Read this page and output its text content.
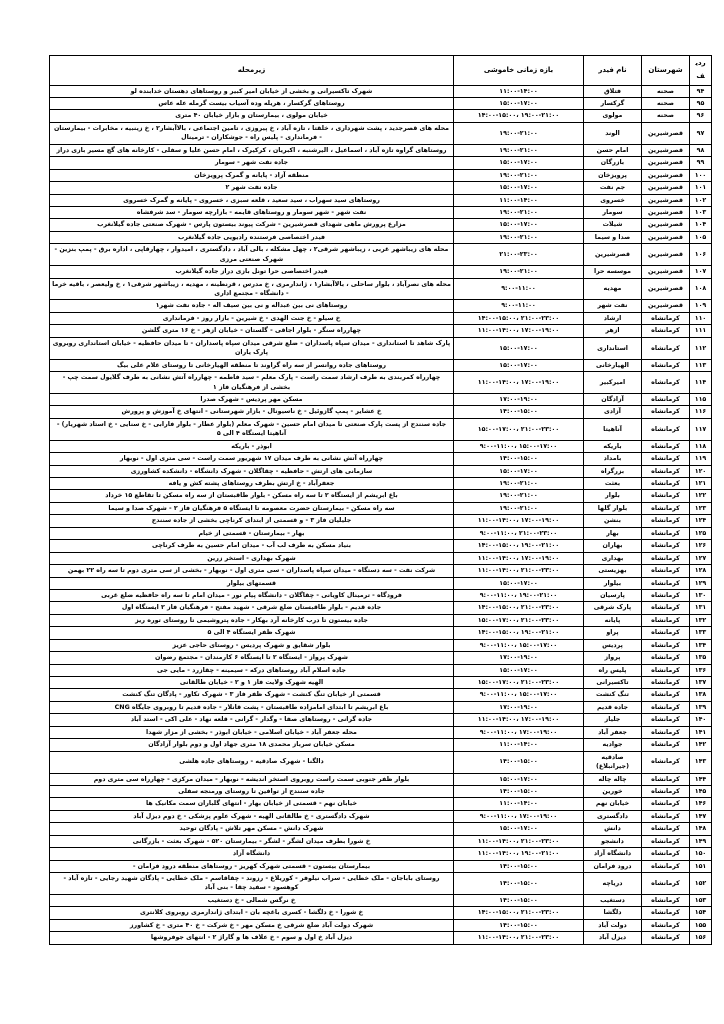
ردیف	شهرستان	نام فیدر	بازه زمانی خاموشی	زیرمحله
۹۴	صحنه	فتلاق	۱۱:۰۰-۱۴:۰۰	شهرک تاکسیرانی و بخشی از خیابان امیر کبیر و روستاهای دهستان خدابنده لو
۹۵	صحنه	گرکسار	۱۵:۰۰-۱۷:۰۰	روستاهای گرکسار ، هریله وده آسیاب بیست گرمله عله عاس
۹۶	صحنه	مولوی	۱۴:۰۰-۱۵:۰۰، ۱۹:۰۰-۲۱:۰۰	خیابان مولوی ، بیمارستان و بازار خیابان ۴۰ متری
۹۷	قصرشیرین	الوند	۱۹:۰۰-۲۱:۰۰	محله های قصرجدید ، پشت شهرداری ، خلقتا ، تازه آباد ، خ پیروزی ، تامین اجتماعی ، بالاآبشار۲ ، خ زینبیه ، مخابرات - بیمارستان - فرمانداری - پلیس راه - جوشکاران - ترمینال
۹۸	قصرشیرین	امام حسن	۱۹:۰۰-۲۱:۰۰	روستاهای گراوه تازه آباد ، اسماعیل ، الیرشنبه ، اکبریان ، کرکیرک ، امام حسن علیا و سفلی - کارخانه های گچ مسیر بازی دراز
۹۹	قصرشیرین	بازرگان	۱۵:۰۰-۱۷:۰۰	جاده نفت شهر - سومار
۱۰۰	قصرشیرین	پرویزخان	۱۹:۰۰-۲۱:۰۰	منطقه آزاد - پایانه و گمرک پرویزخان
۱۰۱	قصرشیرین	جم نفت	۱۵:۰۰-۱۷:۰۰	جاده نفت شهر ۲
۱۰۲	قصرشیرین	خسروی	۱۱:۰۰-۱۴:۰۰	روستاهای سید سهراب ، سید سعید ، قلعه سبزی ، خسروی - پایانه و گمرک خسروی
۱۰۳	قصرشیرین	سومار	۱۹:۰۰-۲۱:۰۰	نفت شهر - شهر سومار و روستاهای قایمه - بازارچه سومار - سد شرفشاه
۱۰۴	قصرشیرین	شیلات	۱۵:۰۰-۱۷:۰۰	مزارع پرورش ماهی شهدای قصرشیرین - شرکت پیوند بیستون پارس - شهرک صنعتی جاده گیلانغرب
۱۰۵	قصرشیرین	صدا و سیما	۱۹:۰۰-۲۱:۰۰	فیدر اختصاصی فرستنده رادیویی جاده گیلانغرب
۱۰۶	قصرشیرین	قصرشیرین	۲۱:۰۰-۲۳:۰۰	محله های زیباشهر غربی ، زیباشهر شرقی۲ ، چهل مشکله ، بالی آباد ، دادگستری ، امیدوار ، چهارقاپی ، اداره برق - پمپ بنزین - شهرک صنعتی مرزی
۱۰۷	قصرشیرین	موسسه حرا	۱۹:۰۰-۲۱:۰۰	فیدر اختصاصی حرا تونل بازی دراز جاده گیلانغرب
۱۰۸	قصرشیرین	مهدیه	۹:۰۰-۱۱:۰۰	محله های نصرآباد ، بلوار ساحلی ، بالاآبشار۱ ، ژاندارمری ، خ مدرس ، قرنطینه ، مهدیه ، زیباشهر شرقی۱ ، خ ولیعصر ، باقیه خرما - دانشگاه - مجتمع اداری
۱۰۹	قصرشیرین	نفت شهر	۹:۰۰-۱۱:۰۰	روستاهای نی بین عبداله و نی بین سیف اله - جاده نفت شهر۱
۱۱۰	کرمانشاه	ارشاد	۱۴:۰۰-۱۵:۰۰، ۲۱:۰۰-۲۳:۰۰	خ سیلو - خ جنت الهدی - خ شیرین - بازار روز - فرمانداری
۱۱۱	کرمانشاه	ازهر	۱۱:۰۰-۱۴:۰۰، ۱۷:۰۰-۱۹:۰۰	چهارراه سنگر - بلوار اجاقی - گلستان - خیابان ازهر - خ ۱۶ متری گلشن
۱۱۲	کرمانشاه	استانداری	۱۵:۰۰-۱۷:۰۰	پارک شاهد تا استانداری - میدان سپاه پاسداران - ضلع شرقی میدان سپاه پاسداران - تا میدان حافظیه - خیابان استانداری روبروی پارک یاران
۱۱۳	کرمانشاه	الهیارخانی	۱۵:۰۰-۱۷:۰۰	روستاهای جاده روانسر از سه راه گراوند تا منطقه الهیارخانی تا روستای غلام علی بیگ
۱۱۴	کرمانشاه	امیرکبیر	۱۱:۰۰-۱۴:۰۰، ۱۷:۰۰-۱۹:۰۰	چهارراه کمربندی به طرف ارشاد سمت راست - پارک معلم - سید فاطمه - چهارراه آتش نشانی به طرف گلایول سمت چپ - بخشی از فرهنگیان فاز ۱
۱۱۵	کرمانشاه	آزادگان	۱۷:۰۰-۱۹:۰۰	مسکن مهر پردیس - شهرک صدرا
۱۱۶	کرمانشاه	آزادی	۱۴:۰۰-۱۵:۰۰	خ عشایر - پمپ گازوئیل - خ ناسیونال - بازار شهرستانی - انتهای خ آموزش و پرورش
۱۱۷	کرمانشاه	آناهیتا	۱۵:۰۰-۱۷:۰۰، ۲۱:۰۰-۲۳:۰۰	جاده سنندج از پست پارک صنعتی تا میدان امام حسین - شهرک معلم (بلوار عطار - بلوار فارابی - خ سنایی - خ استاد شهریار) - آناهیتا ایستگاه ۴ الی ۵
۱۱۸	کرمانشاه	باریکه	۹:۰۰-۱۱:۰۰، ۱۵:۰۰-۱۷:۰۰	ابوذر - باریکه
۱۱۹	کرمانشاه	بامداد	۱۴:۰۰-۱۵:۰۰	چهارراه آتش نشانی به طرف میدان ۱۷ شهریور سمت راست - سی متری اول - نوبهار
۱۲۰	کرمانشاه	بزرگراه	۱۵:۰۰-۱۷:۰۰	سازمانی های ارتش - حافظیه - چقاگلان - شهرک دانشگاه - دانشکده کشاورزی
۱۲۱	کرمانشاه	بعثت	۱۹:۰۰-۲۱:۰۰	جعفرآباد - خ ارتش بطرف روستاهای پشته کش و یافه
۱۲۲	کرمانشاه	بلوار	۱۹:۰۰-۲۱:۰۰	باغ ابریشم از ایستگاه ۲ تا سه راه مسکن - بلوار طاقبستان از سه راه مسکن تا تقاطع ۱۵ خرداد
۱۲۳	کرمانشاه	بلوار گلها	۱۹:۰۰-۲۱:۰۰	سه راه مسکن - بیمارستان حضرت معصومه تا ایستگاه ۵ فرهنگیان فاز ۲ - شهرک صدا و سیما
۱۲۴	کرمانشاه	بنشن	۱۱:۰۰-۱۴:۰۰، ۱۷:۰۰-۱۹:۰۰	جلیلیان فاز ۳ - و قسمتی از ابتدای کرناچی بخشی از جاده سنندج
۱۲۵	کرمانشاه	بهار	۹:۰۰-۱۱:۰۰، ۲۱:۰۰-۲۳:۰۰	بهار - بیمارستان - قسمتی از خیام
۱۲۶	کرمانشاه	بهاران	۱۴:۰۰-۱۵:۰۰، ۱۹:۰۰-۲۱:۰۰	بنیاد مسکن به طرف لب آب - میدان امام حسین به طرف کرناچی
۱۲۷	کرمانشاه	بهداری	۱۱:۰۰-۱۴:۰۰، ۱۷:۰۰-۱۹:۰۰	شهرک بهداری - استخر زرین
۱۲۸	کرمانشاه	بهزیستی	۱۱:۰۰-۱۴:۰۰، ۲۱:۰۰-۲۳:۰۰	شرکت نفت - سه دستگاه - میدان سپاه پاسداران - سی متری اول - نوبهار - بخشی از سی متری دوم تا سه راه ۲۲ بهمن
۱۲۹	کرمانشاه	بیلوار	۱۵:۰۰-۱۷:۰۰	قسمتهای بیلوار
۱۳۰	کرمانشاه	پارسیان	۹:۰۰-۱۱:۰۰، ۱۹:۰۰-۲۱:۰۰	فرودگاه - ترمینال کاویانی - چقاگلان - دانشگاه پیام نور - میدان امام تا سه راه حافظیه ضلع غربی
۱۳۱	کرمانشاه	پارک شرقی	۱۴:۰۰-۱۵:۰۰، ۲۱:۰۰-۲۳:۰۰	جاده قدیم - بلوار طاقبستان ضلع شرقی - شهید مفتح - فرهنگیان فاز ۲ ایستگاه اول
۱۳۲	کرمانشاه	پایانه	۱۵:۰۰-۱۷:۰۰، ۲۱:۰۰-۲۳:۰۰	جاده بیستون تا درب کارخانه آرد بهکار - جاده پتروشیمی تا روستای توره ریز
۱۳۳	کرمانشاه	پراو	۱۴:۰۰-۱۵:۰۰، ۱۹:۰۰-۲۱:۰۰	شهرک ظفر ایستگاه ۴ الی ۵
۱۳۴	کرمانشاه	پردیس	۹:۰۰-۱۱:۰۰، ۱۵:۰۰-۱۷:۰۰	بلوار شقایق و شهرک پردیس - روستای حاجی عزیز
۱۳۵	کرمانشاه	پرواز	۱۷:۰۰-۱۹:۰۰	شهرک پرواز - ایستگاه ۲ تا ایستگاه ۶ کارمندان - مجتمع رضوان
۱۳۶	کرمانشاه	پلیس راه	۱۵:۰۰-۱۷:۰۰	جاده اسلام آباد روستاهای درکه - سیمینه - چقازرد - مایی جی
۱۳۷	کرمانشاه	تاکسیرانی	۱۵:۰۰-۱۷:۰۰، ۲۱:۰۰-۲۳:۰۰	الهیه شهرک ولایت فاز ۱ و ۲ - خیابان طالقانی
۱۳۸	کرمانشاه	تنگ کنشت	۹:۰۰-۱۱:۰۰، ۱۵:۰۰-۱۷:۰۰	قسمتی از خیابان تنگ کنشت - شهرک ظفر فاز ۳ - شهرک تکاور - پادگان تنگ کنشت
۱۳۹	کرمانشاه	جاده قدیم	۱۷:۰۰-۱۹:۰۰	باغ ابریشم تا ابتدای امامزاده طاقبستان - پشت قانلار - جاده قدیم تا روبروی جایگاه CNG
۱۴۰	کرمانشاه	جلیاز	۱۱:۰۰-۱۴:۰۰، ۱۷:۰۰-۱۹:۰۰	جاده گرانی - روستاهای صفا - وگدار - گرانی - قلعه نهاد - علی اکی - استد آباد
۱۴۱	کرمانشاه	جعفر آباد	۹:۰۰-۱۱:۰۰، ۱۷:۰۰-۱۹:۰۰	محله جعفر آباد - خیابان اسلامی - خیابان ابوذر - بخشی از مزار شهدا
۱۴۲	کرمانشاه	جوادیه	۱۱:۰۰-۱۴:۰۰	مسکن خیابان سرباز محمدی ۱۸ متری جهاد اول و دوم بلوار آزادگان
۱۴۳	کرمانشاه	صادقیه (جیرانبلاغ)	۱۴:۰۰-۱۵:۰۰	دالگنا - شهرک صادقیه - روستاهای جاده هلشی
۱۴۴	کرمانشاه	چاله چاله	۱۵:۰۰-۱۷:۰۰	بلوار ظفر جنوبی سمت راست روبروی استخر اندیشه - نوبهار - میدان مرکزی - چهارراه سی متری دوم
۱۴۵	کرمانشاه	خورین	۱۴:۰۰-۱۵:۰۰	جاده سنندج از توافین تا روستای ورمنجه سفلی
۱۴۶	کرمانشاه	خیابان نهم	۱۱:۰۰-۱۴:۰۰	خیابان نهم - قسمتی از خیابان بهار - انتهای گلباران سمت مکانیک ها
۱۴۷	کرمانشاه	دادگستری	۹:۰۰-۱۱:۰۰، ۱۷:۰۰-۱۹:۰۰	شهرک دادگستری - خ طالقانی الهیه - شهرک علوم پزشکی - خ دوم دیزل آباد
۱۴۸	کرمانشاه	دانش	۱۵:۰۰-۱۷:۰۰	شهرک دانش - مسکن مهر تلاش - پادگان توحید
۱۴۹	کرمانشاه	دانشجو	۱۱:۰۰-۱۴:۰۰، ۲۱:۰۰-۲۳:۰۰	خ شورا بطرف میدان لشگر - لشگر - بیمارستان ۵۲۰ - شهرک بعثت - بازرگانی
۱۵۰	کرمانشاه	دانشگاه آزاد	۱۱:۰۰-۱۴:۰۰، ۱۹:۰۰-۲۱:۰۰	دانشگاه آزاد
۱۵۱	کرمانشاه	درود فرامان	۱۴:۰۰-۱۵:۰۰	بیمارستان بیستون - قسمتی شهرک کهریز - روستاهای منطقه درود فرامان -
۱۵۲	کرمانشاه	دریاچه	۱۴:۰۰-۱۵:۰۰	روستای باباجان - ملک خطایی - سراب نیلوفر - کوریلاغ - رزوند - چقاقاسم - ملک خطایی - پادگان شهید رجایی - تازه آباد - کوهسود - سفید چقا - بنی آباد
۱۵۳	کرمانشاه	دستغیب	۱۴:۰۰-۱۵:۰۰	خ نرگس شمالی - خ دستغیب
۱۵۴	کرمانشاه	دلگشا	۱۴:۰۰-۱۵:۰۰، ۲۱:۰۰-۲۳:۰۰	خ شورا - خ دلگشا - کسری باغچه بان - ابتدای ژاندارمری روبروی کلانتری
۱۵۵	کرمانشاه	دولت آباد	۱۴:۰۰-۱۵:۰۰	شهرک دولت آباد ضلع شرقی خ مسکن مهر - خ شرکت - خ ۴۰ متری - خ کشاورز
۱۵۶	کرمانشاه	دیزل آباد	۱۱:۰۰-۱۴:۰۰، ۲۱:۰۰-۲۳:۰۰	دیزل آباد خ اول و سوم - خ علاف ها و گاراژ ۲ - انتهای جوفروشها
